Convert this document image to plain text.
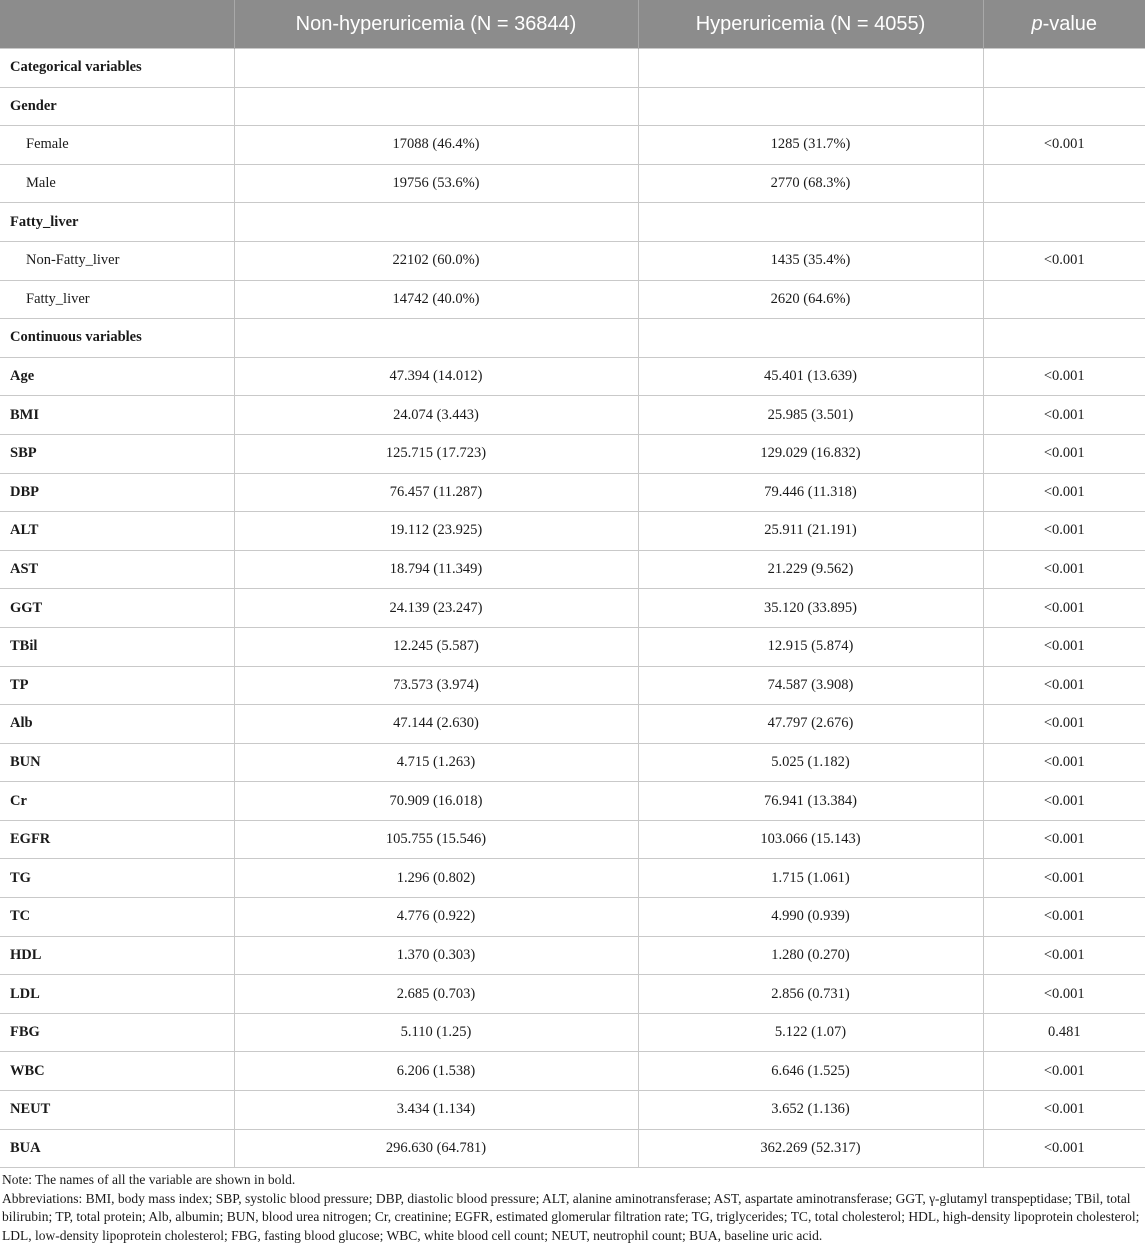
	Non-hyperuricemia (N = 36844)	Hyperuricemia (N = 4055)	p-value
Categorical variables			
Gender			
Female	17088 (46.4%)	1285 (31.7%)	<0.001
Male	19756 (53.6%)	2770 (68.3%)	
Fatty_liver			
Non-Fatty_liver	22102 (60.0%)	1435 (35.4%)	<0.001
Fatty_liver	14742 (40.0%)	2620 (64.6%)	
Continuous variables			
Age	47.394 (14.012)	45.401 (13.639)	<0.001
BMI	24.074 (3.443)	25.985 (3.501)	<0.001
SBP	125.715 (17.723)	129.029 (16.832)	<0.001
DBP	76.457 (11.287)	79.446 (11.318)	<0.001
ALT	19.112 (23.925)	25.911 (21.191)	<0.001
AST	18.794 (11.349)	21.229 (9.562)	<0.001
GGT	24.139 (23.247)	35.120 (33.895)	<0.001
TBil	12.245 (5.587)	12.915 (5.874)	<0.001
TP	73.573 (3.974)	74.587 (3.908)	<0.001
Alb	47.144 (2.630)	47.797 (2.676)	<0.001
BUN	4.715 (1.263)	5.025 (1.182)	<0.001
Cr	70.909 (16.018)	76.941 (13.384)	<0.001
EGFR	105.755 (15.546)	103.066 (15.143)	<0.001
TG	1.296 (0.802)	1.715 (1.061)	<0.001
TC	4.776 (0.922)	4.990 (0.939)	<0.001
HDL	1.370 (0.303)	1.280 (0.270)	<0.001
LDL	2.685 (0.703)	2.856 (0.731)	<0.001
FBG	5.110 (1.25)	5.122 (1.07)	0.481
WBC	6.206 (1.538)	6.646 (1.525)	<0.001
NEUT	3.434 (1.134)	3.652 (1.136)	<0.001
BUA	296.630 (64.781)	362.269 (52.317)	<0.001

Note: The names of all the variable are shown in bold.

Abbreviations: BMI, body mass index; SBP, systolic blood pressure; DBP, diastolic blood pressure; ALT, alanine aminotransferase; AST, aspartate aminotransferase; GGT, γ-glutamyl transpeptidase; TBil, total bilirubin; TP, total protein; Alb, albumin; BUN, blood urea nitrogen; Cr, creatinine; EGFR, estimated glomerular filtration rate; TG, triglycerides; TC, total cholesterol; HDL, high-density lipoprotein cholesterol; LDL, low-density lipoprotein cholesterol; FBG, fasting blood glucose; WBC, white blood cell count; NEUT, neutrophil count; BUA, baseline uric acid.
